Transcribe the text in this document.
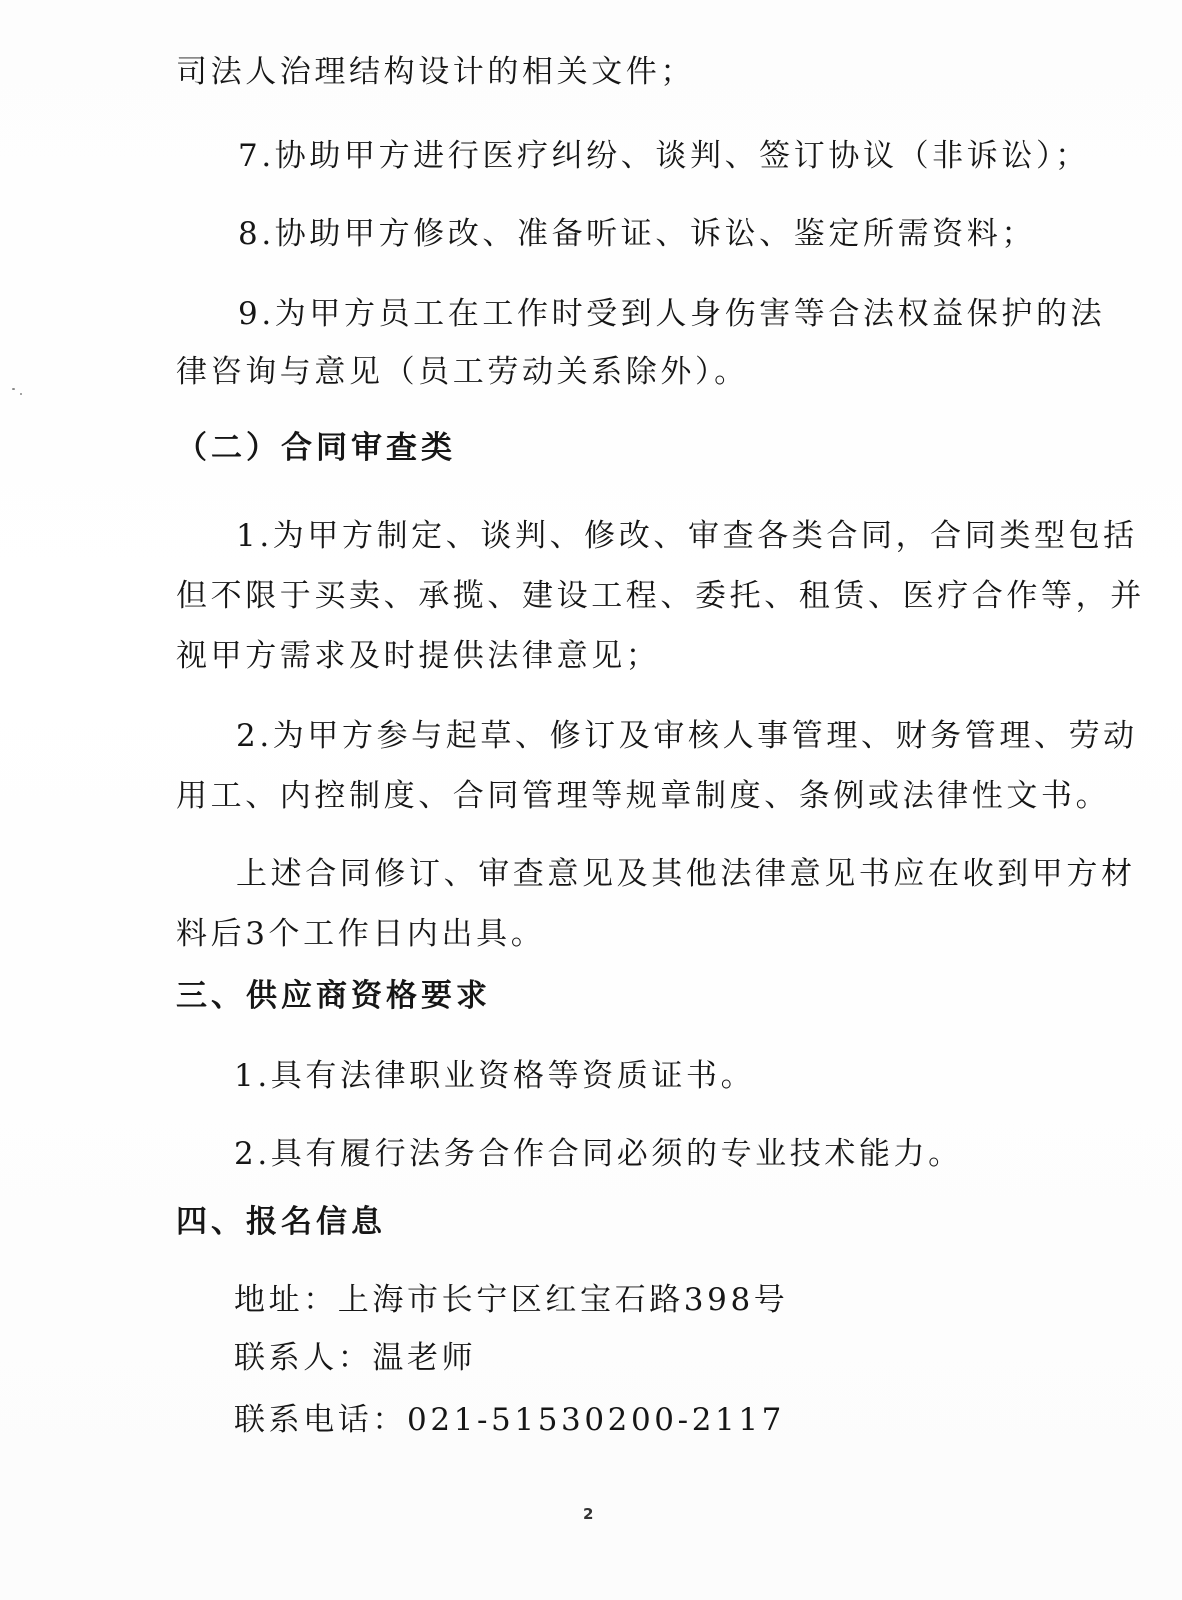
司法人治理结构设计的相关文件；
7.协助甲方进行医疗纠纷、谈判、签订协议（非诉讼）；
8.协助甲方修改、准备听证、诉讼、鉴定所需资料；
9.为甲方员工在工作时受到人身伤害等合法权益保护的法
律咨询与意见（员工劳动关系除外）。
（二）合同审查类
1.为甲方制定、谈判、修改、审查各类合同，合同类型包括
但不限于买卖、承揽、建设工程、委托、租赁、医疗合作等，并
视甲方需求及时提供法律意见；
2.为甲方参与起草、修订及审核人事管理、财务管理、劳动
用工、内控制度、合同管理等规章制度、条例或法律性文书。
上述合同修订、审查意见及其他法律意见书应在收到甲方材
料后3个工作日内出具。
三、供应商资格要求
1.具有法律职业资格等资质证书。
2.具有履行法务合作合同必须的专业技术能力。
四、报名信息
地址：上海市长宁区红宝石路398号
联系人：温老师
联系电话：021-51530200-2117
2
